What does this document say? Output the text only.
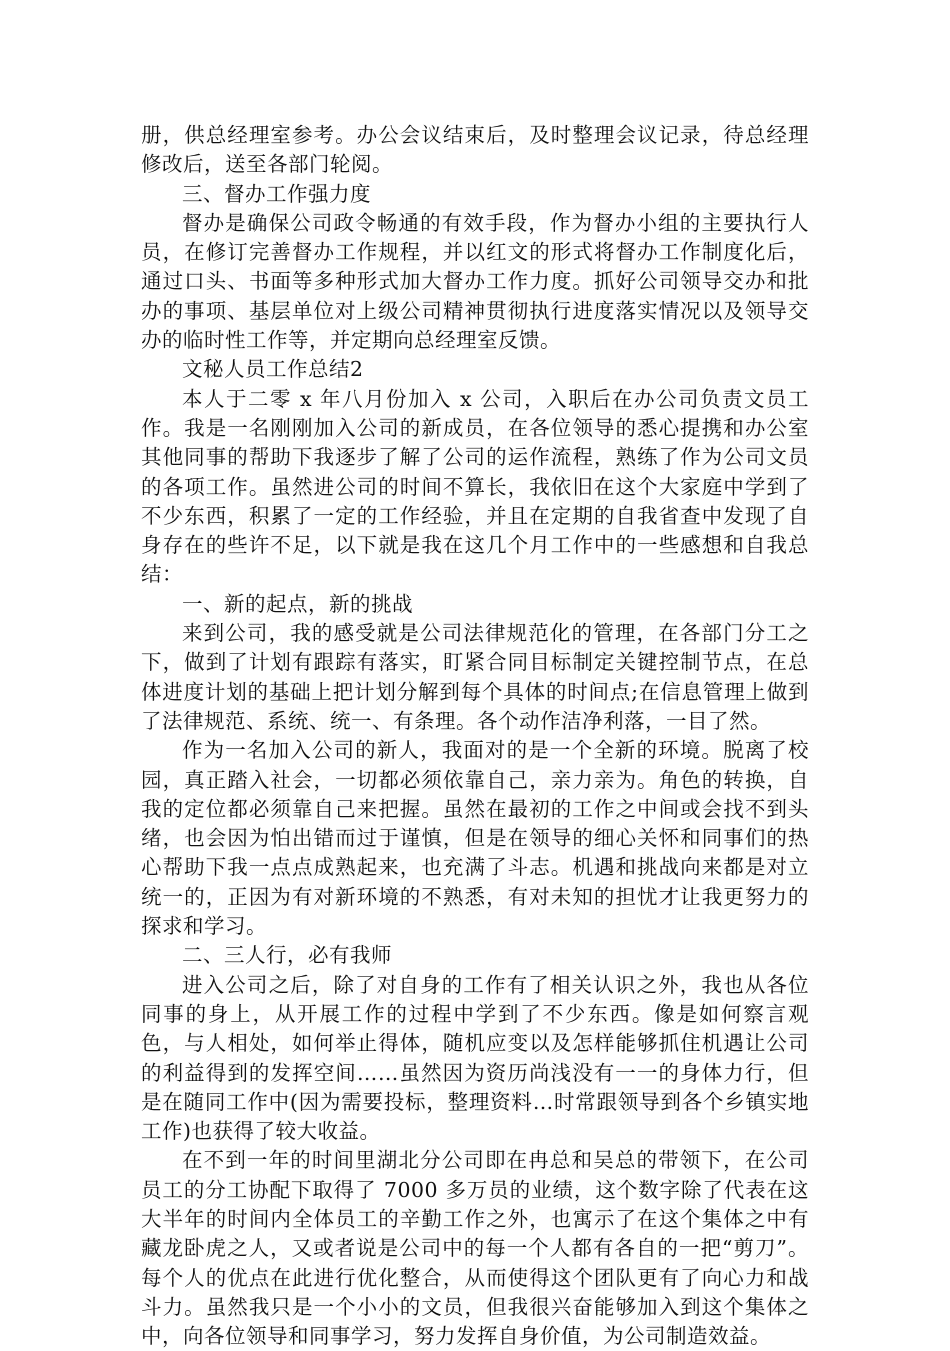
册，供总经理室参考。办公会议结束后，及时整理会议记录，待总经理修改后，送至各部门轮阅。

三、督办工作强力度

督办是确保公司政令畅通的有效手段，作为督办小组的主要执行人员，在修订完善督办工作规程，并以红文的形式将督办工作制度化后，通过口头、书面等多种形式加大督办工作力度。抓好公司领导交办和批办的事项、基层单位对上级公司精神贯彻执行进度落实情况以及领导交办的临时性工作等，并定期向总经理室反馈。

文秘人员工作总结2

本人于二零 x 年八月份加入 x 公司，入职后在办公司负责文员工作。我是一名刚刚加入公司的新成员，在各位领导的悉心提携和办公室其他同事的帮助下我逐步了解了公司的运作流程，熟练了作为公司文员的各项工作。虽然进公司的时间不算长，我依旧在这个大家庭中学到了不少东西，积累了一定的工作经验，并且在定期的自我省查中发现了自身存在的些许不足，以下就是我在这几个月工作中的一些感想和自我总结：

一、新的起点，新的挑战

来到公司，我的感受就是公司法律规范化的管理，在各部门分工之下，做到了计划有跟踪有落实，盯紧合同目标制定关键控制节点，在总体进度计划的基础上把计划分解到每个具体的时间点;在信息管理上做到了法律规范、系统、统一、有条理。各个动作洁净利落，一目了然。

作为一名加入公司的新人，我面对的是一个全新的环境。脱离了校园，真正踏入社会，一切都必须依靠自己，亲力亲为。角色的转换，自我的定位都必须靠自己来把握。虽然在最初的工作之中间或会找不到头绪，也会因为怕出错而过于谨慎，但是在领导的细心关怀和同事们的热心帮助下我一点点成熟起来，也充满了斗志。机遇和挑战向来都是对立统一的，正因为有对新环境的不熟悉，有对未知的担忧才让我更努力的探求和学习。

二、三人行，必有我师

进入公司之后，除了对自身的工作有了相关认识之外，我也从各位同事的身上，从开展工作的过程中学到了不少东西。像是如何察言观色，与人相处，如何举止得体，随机应变以及怎样能够抓住机遇让公司的利益得到的发挥空间……虽然因为资历尚浅没有一一的身体力行，但是在随同工作中(因为需要投标，整理资料…时常跟领导到各个乡镇实地工作)也获得了较大收益。

在不到一年的时间里湖北分公司即在冉总和吴总的带领下，在公司员工的分工协配下取得了 7000 多万员的业绩，这个数字除了代表在这大半年的时间内全体员工的辛勤工作之外，也寓示了在这个集体之中有藏龙卧虎之人，又或者说是公司中的每一个人都有各自的一把“剪刀”。每个人的优点在此进行优化整合，从而使得这个团队更有了向心力和战斗力。虽然我只是一个小小的文员，但我很兴奋能够加入到这个集体之中，向各位领导和同事学习，努力发挥自身价值，为公司制造效益。
